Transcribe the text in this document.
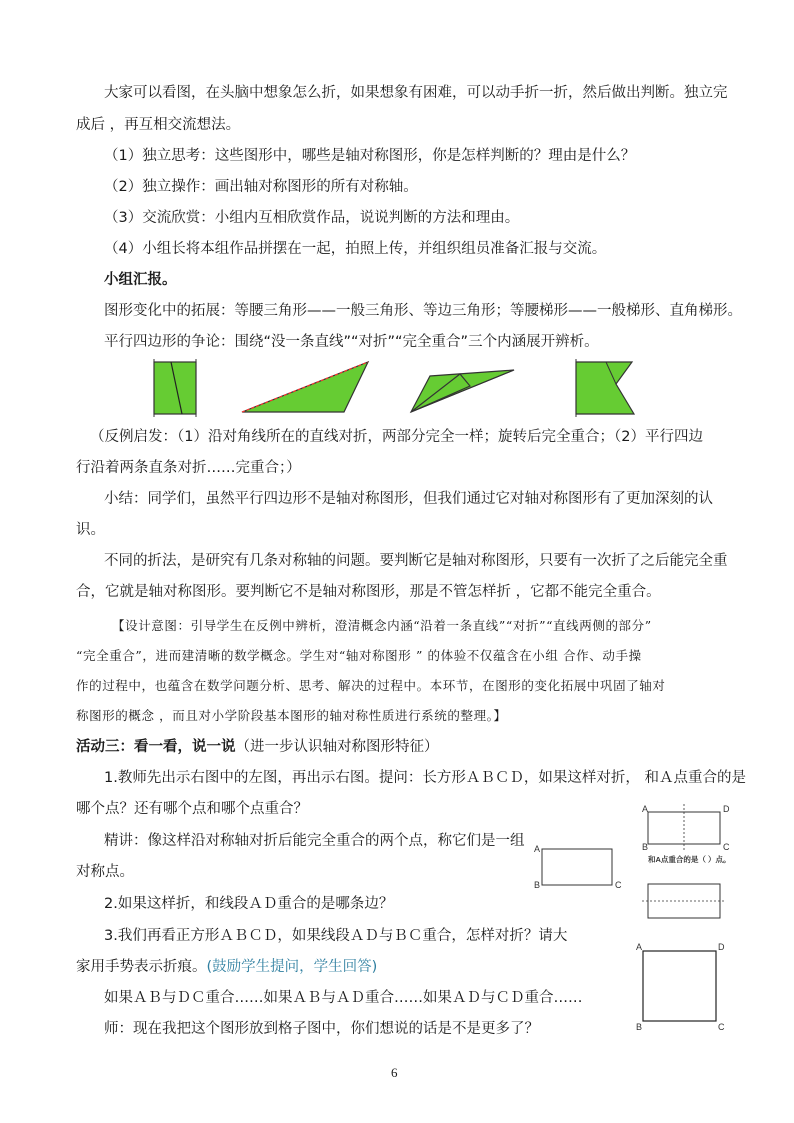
大家可以看图，在头脑中想象怎么折，如果想象有困难，可以动手折一折，然后做出判断。独立完
成后 ，再互相交流想法。
（1）独立思考：这些图形中，哪些是轴对称图形，你是怎样判断的？理由是什么？
（2）独立操作：画出轴对称图形的所有对称轴。
（3）交流欣赏：小组内互相欣赏作品，说说判断的方法和理由。
（4）小组长将本组作品拼摆在一起，拍照上传，并组织组员准备汇报与交流。
小组汇报。
图形变化中的拓展：等腰三角形——一般三角形、等边三角形；等腰梯形——一般梯形、直角梯形。
平行四边形的争论：围绕“没一条直线”“对折”“完全重合”三个内涵展开辨析。
（反例启发：（1）沿对角线所在的直线对折，两部分完全一样；旋转后完全重合；（2）平行四边
行沿着两条直条对折……完重合；）
小结：同学们，虽然平行四边形不是轴对称图形，但我们通过它对轴对称图形有了更加深刻的认
识。
不同的折法，是研究有几条对称轴的问题。要判断它是轴对称图形，只要有一次折了之后能完全重
合，它就是轴对称图形。要判断它不是轴对称图形，那是不管怎样折 ，它都不能完全重合。
【设计意图：引导学生在反例中辨析，澄清概念内涵“沿着一条直线”“对折”“直线两侧的部分”
“完全重合”，进而建清晰的数学概念。学生对“轴对称图形 ” 的体验不仅蕴含在小组 合作、动手操
作的过程中，也蕴含在数学问题分析、思考、解决的过程中。本环节，在图形的变化拓展中巩固了轴对
称图形的概念 ，而且对小学阶段基本图形的轴对称性质进行系统的整理。】
活动三：看一看，说一说（进一步认识轴对称图形特征）
1.教师先出示右图中的左图，再出示右图。提问：长方形ＡＢＣＤ，如果这样对折， 和Ａ点重合的是
哪个点？还有哪个点和哪个点重合？
精讲：像这样沿对称轴对折后能完全重合的两个点，称它们是一组
对称点。
2.如果这样折，和线段ＡＤ重合的是哪条边？
3.我们再看正方形ＡＢＣＤ，如果线段ＡＤ与ＢＣ重合，怎样对折？请大
家用手势表示折痕。(鼓励学生提问，学生回答)
如果ＡＢ与ＤＣ重合……如果ＡＢ与ＡＤ重合……如果ＡＤ与ＣＤ重合……
师：现在我把这个图形放到格子图中，你们想说的话是不是更多了？
A
B	C
A	D
B	C
和A点重合的是（ ）点。
A	D
B	C
6
